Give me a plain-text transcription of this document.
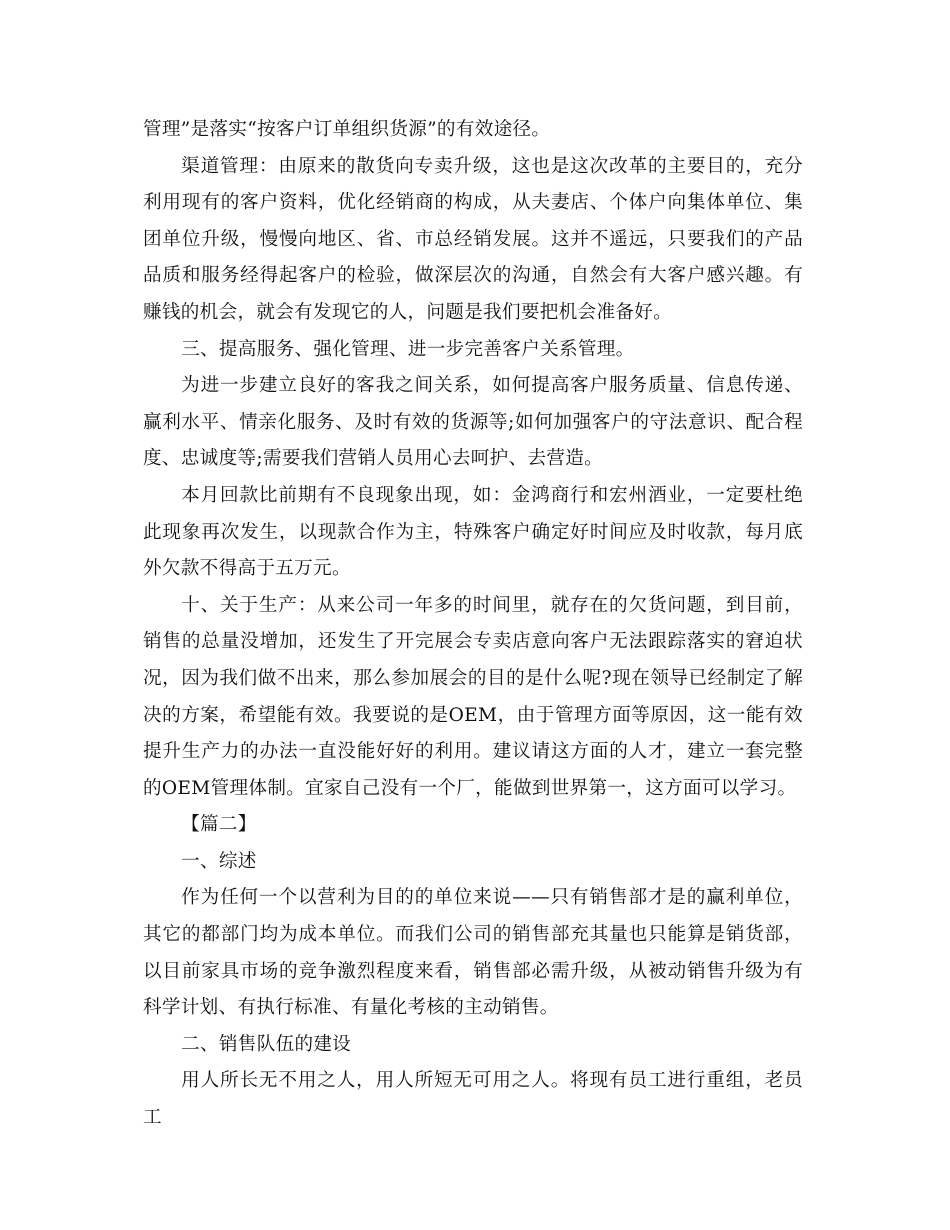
管理”是落实“按客户订单组织货源”的有效途径。

渠道管理：由原来的散货向专卖升级，这也是这次改革的主要目的，充分利用现有的客户资料，优化经销商的构成，从夫妻店、个体户向集体单位、集团单位升级，慢慢向地区、省、市总经销发展。这并不遥远，只要我们的产品品质和服务经得起客户的检验，做深层次的沟通，自然会有大客户感兴趣。有赚钱的机会，就会有发现它的人，问题是我们要把机会准备好。

三、提高服务、强化管理、进一步完善客户关系管理。

为进一步建立良好的客我之间关系，如何提高客户服务质量、信息传递、赢利水平、情亲化服务、及时有效的货源等;如何加强客户的守法意识、配合程度、忠诚度等;需要我们营销人员用心去呵护、去营造。

本月回款比前期有不良现象出现，如：金鸿商行和宏州酒业，一定要杜绝此现象再次发生，以现款合作为主，特殊客户确定好时间应及时收款，每月底外欠款不得高于五万元。

十、关于生产：从来公司一年多的时间里，就存在的欠货问题，到目前，销售的总量没增加，还发生了开完展会专卖店意向客户无法跟踪落实的窘迫状况，因为我们做不出来，那么参加展会的目的是什么呢?现在领导已经制定了解决的方案，希望能有效。我要说的是OEM，由于管理方面等原因，这一能有效提升生产力的办法一直没能好好的利用。建议请这方面的人才，建立一套完整的OEM管理体制。宜家自己没有一个厂，能做到世界第一，这方面可以学习。

【篇二】

一、综述

作为任何一个以营利为目的的单位来说——只有销售部才是的赢利单位，其它的都部门均为成本单位。而我们公司的销售部充其量也只能算是销货部，以目前家具市场的竞争激烈程度来看，销售部必需升级，从被动销售升级为有科学计划、有执行标准、有量化考核的主动销售。

二、销售队伍的建设

用人所长无不用之人，用人所短无可用之人。将现有员工进行重组，老员工
